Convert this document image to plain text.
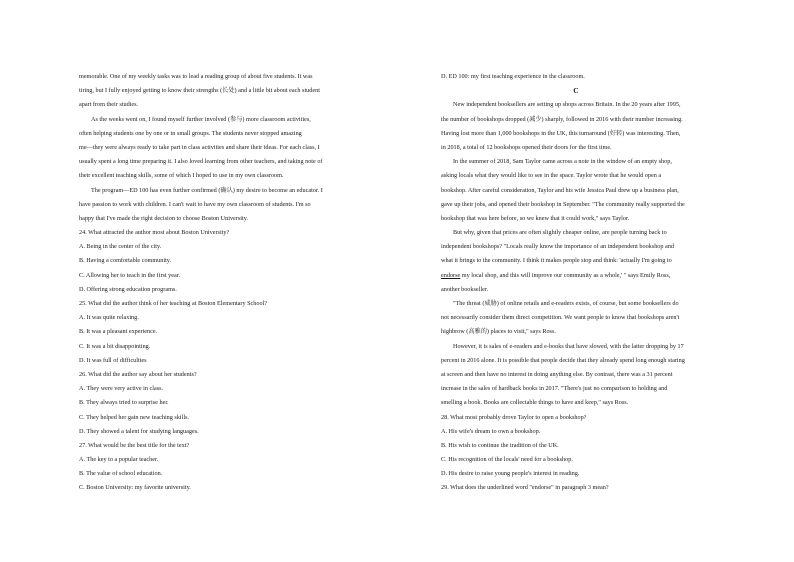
memorable. One of my weekly tasks was to lead a reading group of about five students. It was
tiring, but I fully enjoyed getting to know their strengths (长处) and a little bit about each student
apart from their studies.
As the weeks went on, I found myself further involved (参与) more classroom activities,
often helping students one by one or in small groups. The students never stopped amazing
me—they were always ready to take part in class activities and share their ideas. For each class, I
usually spent a long time preparing it. I also loved learning from other teachers, and taking note of
their excellent teaching skills, some of which I hoped to use in my own classroom.
The program—ED 100 has even further confirmed (确认) my desire to become an educator. I
have passion to work with children. I can't wait to have my own classroom of students. I'm so
happy that I've made the right decision to choose Boston University.
24. What attracted the author most about Boston University?
A. Being in the center of the city.
B. Having a comfortable community.
C. Allowing her to teach in the first year.
D. Offering strong education programs.
25. What did the author think of her teaching at Boston Elementary School?
A. It was quite relaxing.
B. It was a pleasant experience.
C. It was a bit disappointing.
D. It was full of difficulties
26. What did the author say about her students?
A. They were very active in class.
B. They always tried to surprise her.
C. They helped her gain new teaching skills.
D. They showed a talent for studying languages.
27. What would be the best title for the text?
A. The key to a popular teacher.
B. The value of school education.
C. Boston University: my favorite university.
D. ED 100: my first teaching experience in the classroom.
C
New independent booksellers are setting up shops across Britain. In the 20 years after 1995,
the number of bookshops dropped (减少) sharply, followed in 2016 with their number increasing.
Having lost more than 1,000 bookshops in the UK, this turnaround (好转) was interesting. Then,
in 2018, a total of 12 bookshops opened their doors for the first time.
In the summer of 2018, Sam Taylor came across a note in the window of an empty shop,
asking locals what they would like to see in the space. Taylor wrote that he would open a
bookshop. After careful consideration, Taylor and his wife Jessica Paul drew up a business plan,
gave up their jobs, and opened their bookshop in September. "The community really supported the
bookshop that was here before, so we knew that it could work," says Taylor.
But why, given that prices are often slightly cheaper online, are people turning back to
independent bookshops? "Locals really know the importance of an independent bookshop and
what it brings to the community. I think it makes people stop and think: 'actually I'm going to
endorse my local shop, and this will improve our community as a whole,' " says Emily Ross,
another bookseller.
"The threat (威胁) of online retails and e-readers exists, of course, but some booksellers do
not necessarily consider them direct competition. We want people to know that bookshops aren't
highbrow (高雅的) places to visit," says Ross.
However, it is sales of e-readers and e-books that have slowed, with the latter dropping by 17
percent in 2016 alone. It is possible that people decide that they already spend long enough staring
at screen and then have no interest in doing anything else. By contrast, there was a 31 percent
increase in the sales of hardback books in 2017. "There's just no comparison to holding and
smelling a book. Books are collectable things to have and keep," says Ross.
28. What most probably drove Taylor to open a bookshop?
A. His wife's dream to own a bookshop.
B. His wish to continue the tradition of the UK.
C. His recognition of the locals' need for a bookshop.
D. His desire to raise young people's interest in reading.
29. What does the underlined word "endorse" in paragraph 3 mean?
